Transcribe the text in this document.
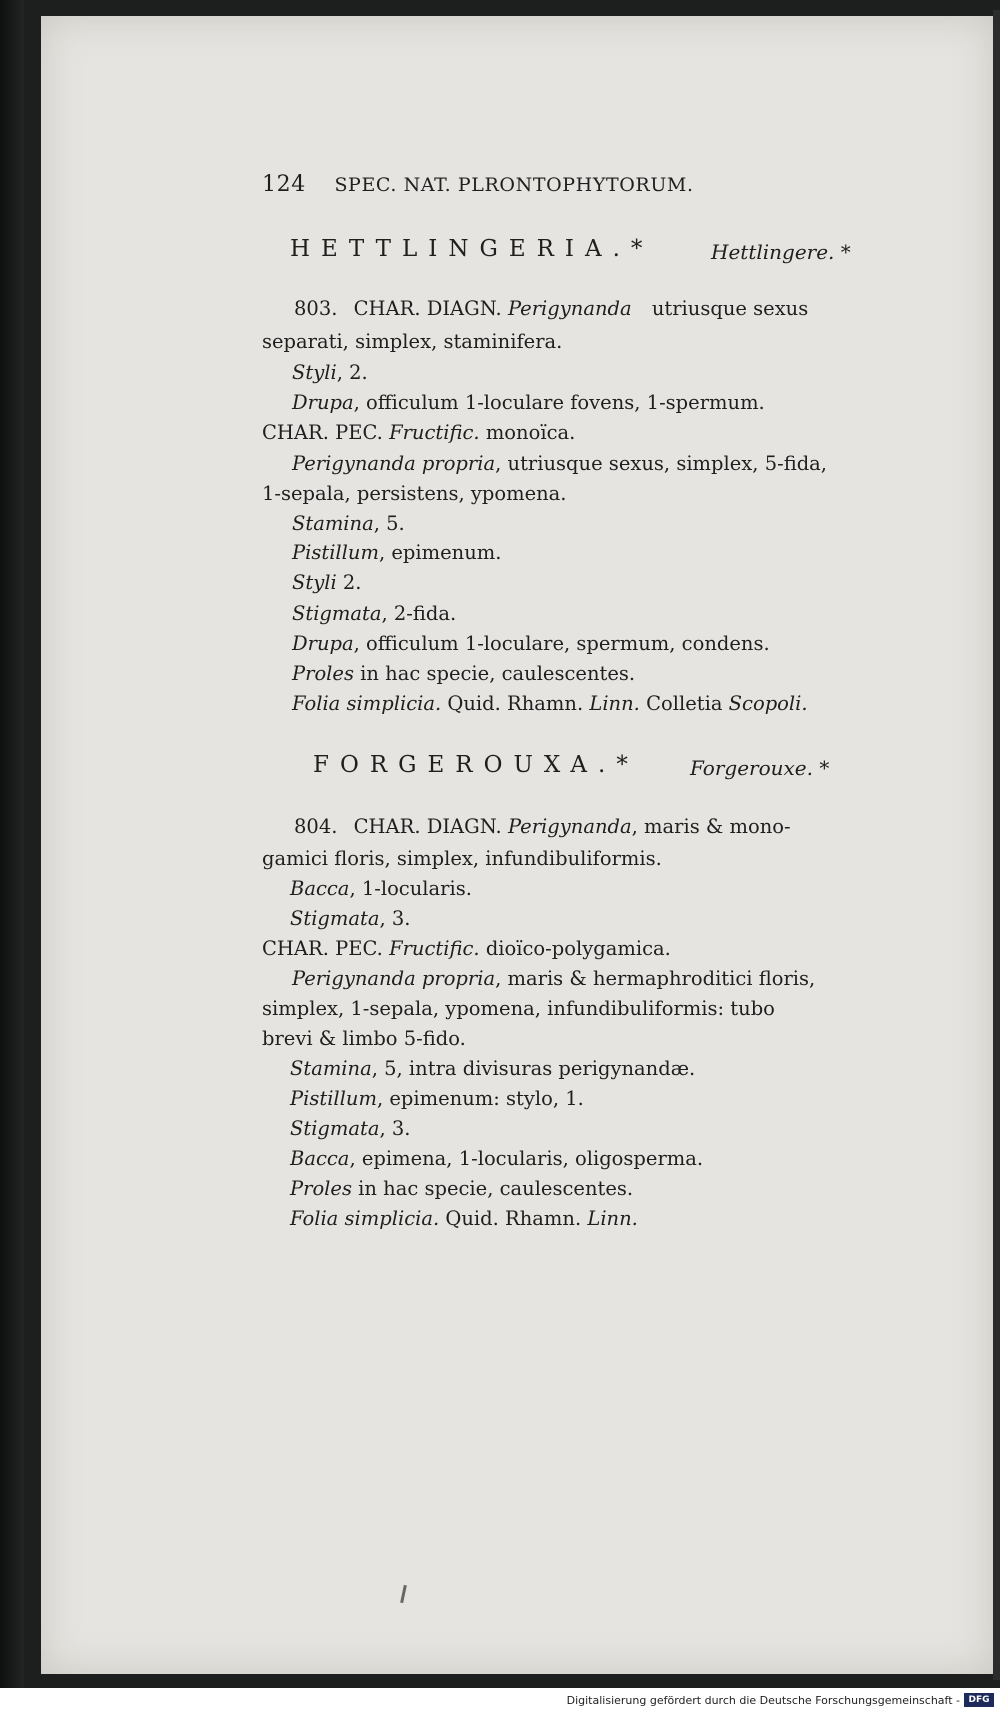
124 SPEC. NAT. PLRONTOPHYTORUM.
HETTLINGERIA.*	Hettlingere. *
803. CHAR. DIAGN. Perigynanda utriusque sexus
separati, simplex, staminifera.
Styli, 2.
Drupa, officulum 1-loculare fovens, 1-spermum.
CHAR. PEC. Fructific. monoïca.
Perigynanda propria, utriusque sexus, simplex, 5-fida,
1-sepala, persistens, ypomena.
Stamina, 5.
Pistillum, epimenum.
Styli 2.
Stigmata, 2-fida.
Drupa, officulum 1-loculare, spermum, condens.
Proles in hac specie, caulescentes.
Folia simplicia. Quid. Rhamn. Linn. Colletia Scopoli.
FORGEROUXA.*	Forgerouxe. *
804. CHAR. DIAGN. Perigynanda, maris & mono-
gamici floris, simplex, infundibuliformis.
Bacca, 1-locularis.
Stigmata, 3.
CHAR. PEC. Fructific. dioïco-polygamica.
Perigynanda propria, maris & hermaphroditici floris,
simplex, 1-sepala, ypomena, infundibuliformis: tubo
brevi & limbo 5-fido.
Stamina, 5, intra divisuras perigynandæ.
Pistillum, epimenum: stylo, 1.
Stigmata, 3.
Bacca, epimena, 1-locularis, oligosperma.
Proles in hac specie, caulescentes.
Folia simplicia. Quid. Rhamn. Linn.
Digitalisierung gefördert durch die Deutsche Forschungsgemeinschaft - DFG
